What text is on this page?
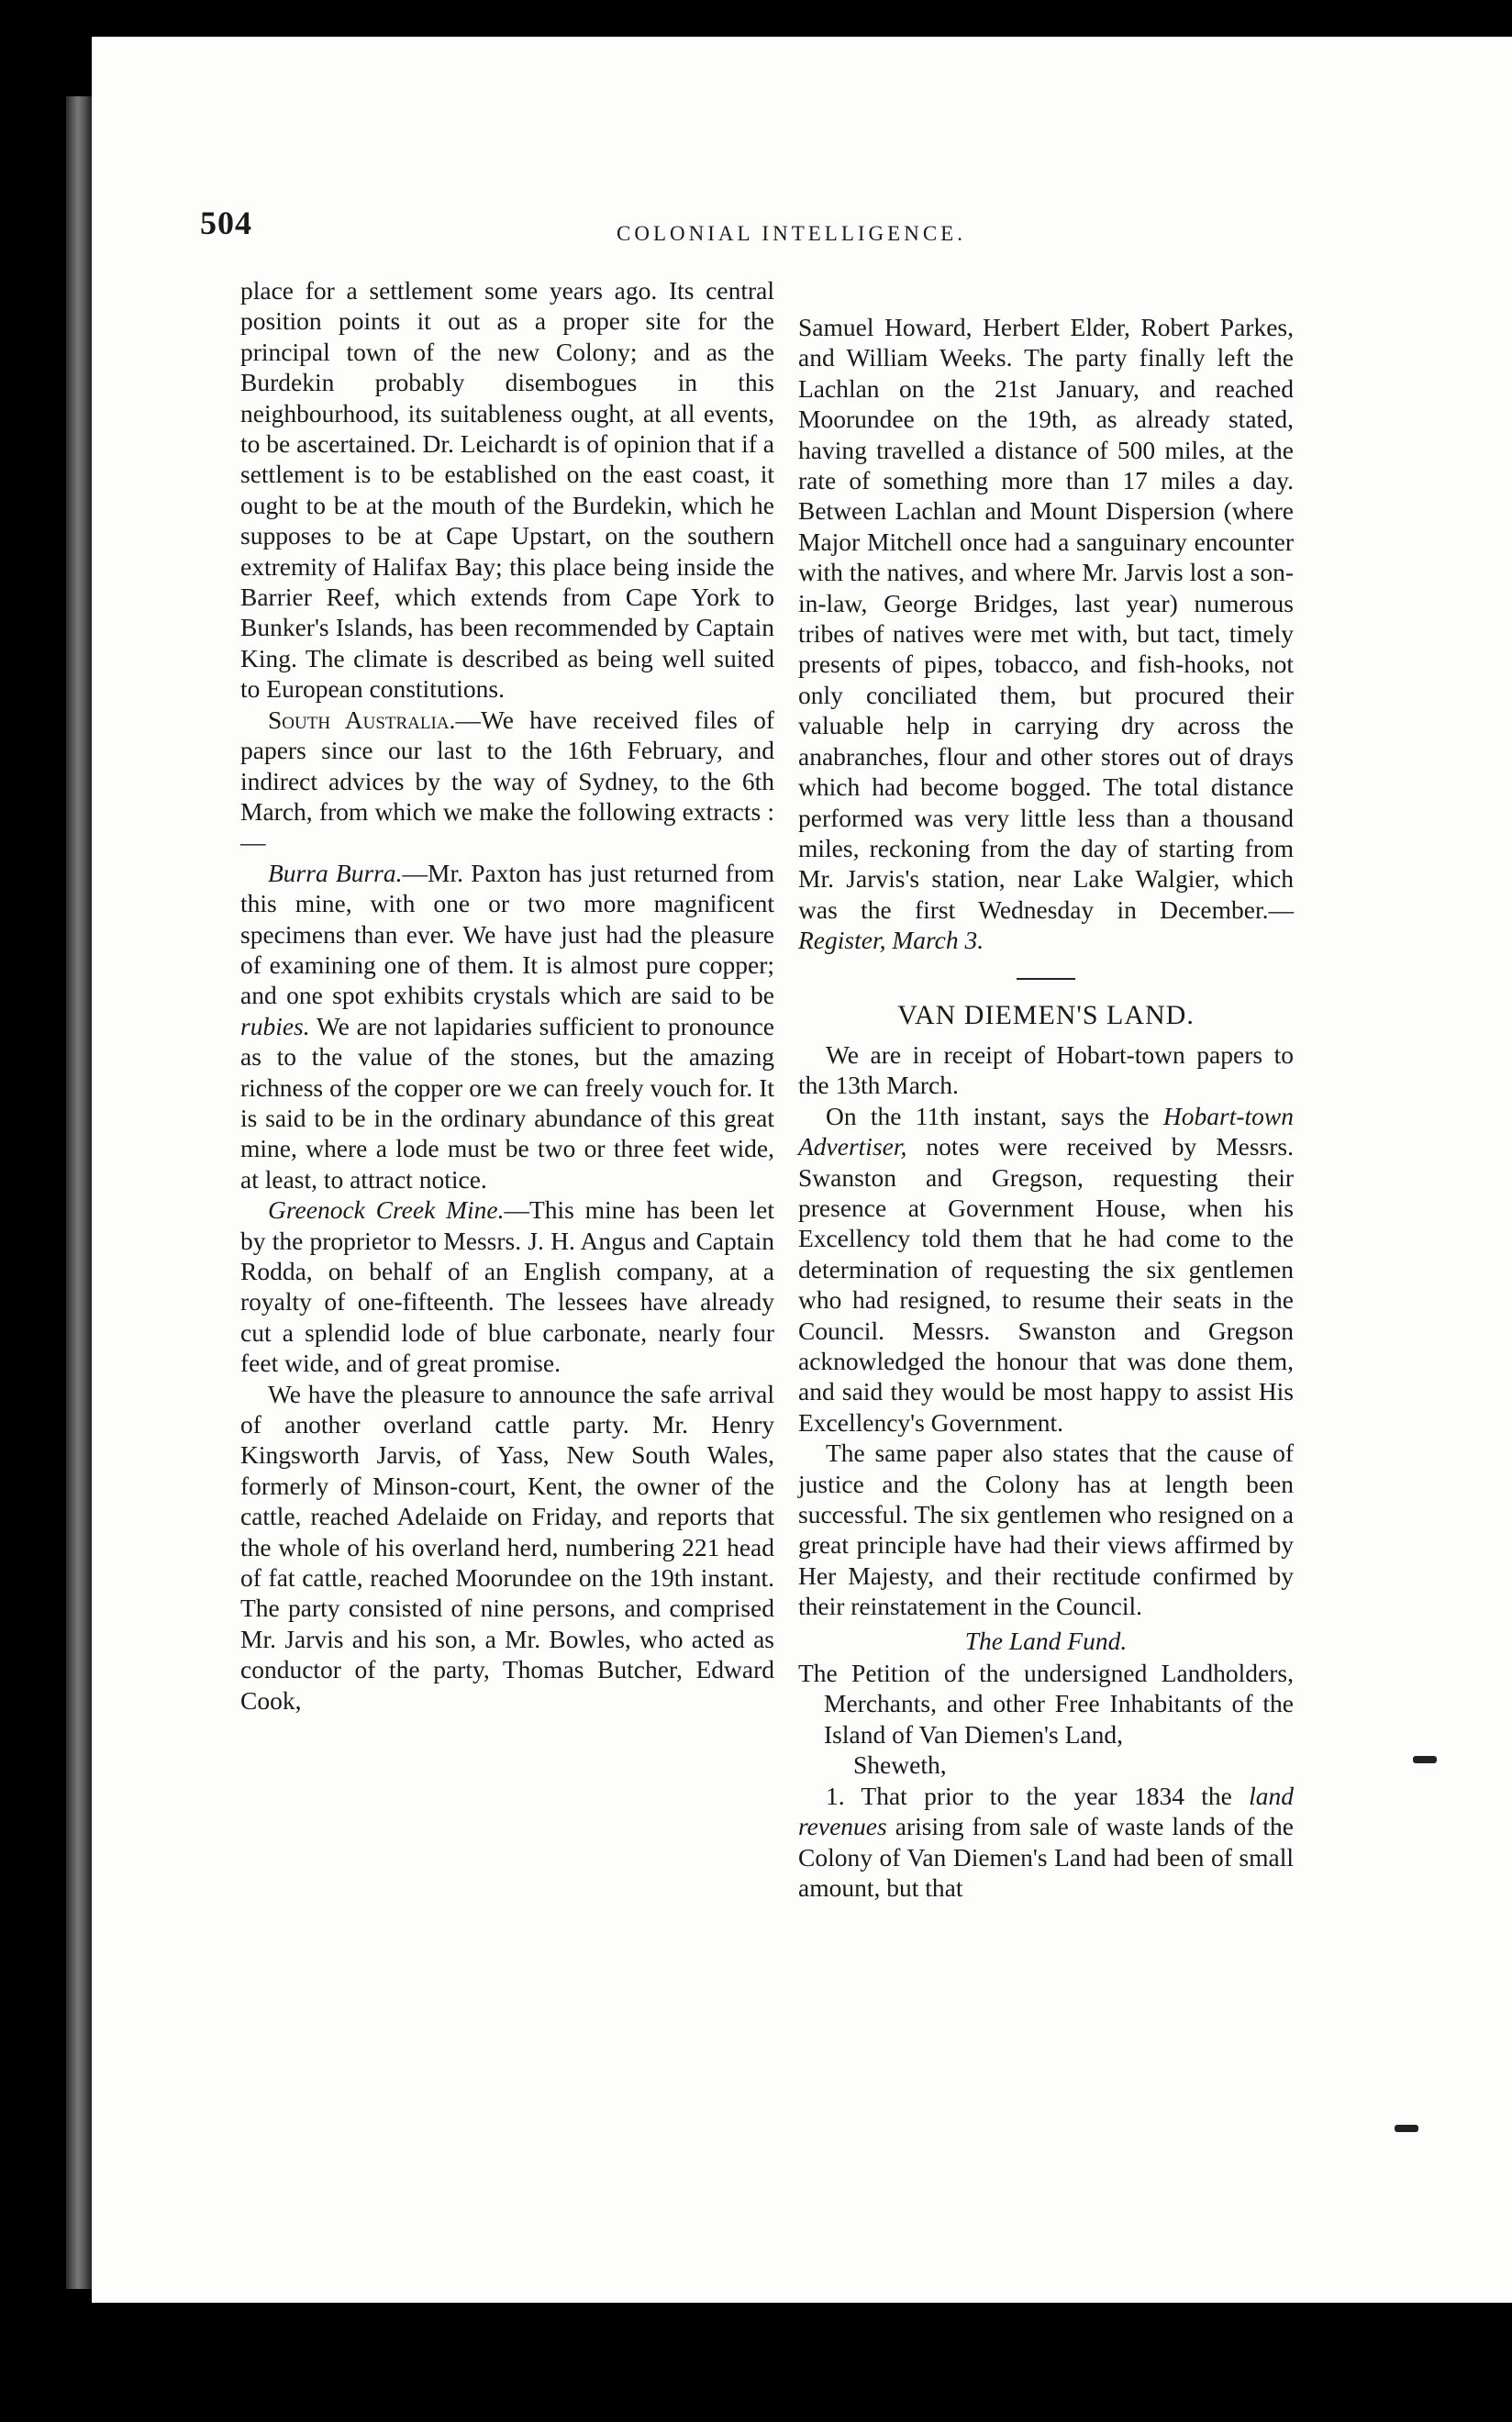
504	COLONIAL INTELLIGENCE.

place for a settlement some years ago. Its central position points it out as a proper site for the principal town of the new Colony; and as the Burdekin probably disembogues in this neighbourhood, its suitableness ought, at all events, to be ascertained. Dr. Leichardt is of opinion that if a settlement is to be established on the east coast, it ought to be at the mouth of the Burdekin, which he supposes to be at Cape Upstart, on the southern extremity of Halifax Bay; this place being inside the Barrier Reef, which extends from Cape York to Bunker's Islands, has been recommended by Captain King. The climate is described as being well suited to European constitutions.

South Australia.—We have received files of papers since our last to the 16th February, and indirect advices by the way of Sydney, to the 6th March, from which we make the following extracts :—

Burra Burra.—Mr. Paxton has just returned from this mine, with one or two more magnificent specimens than ever. We have just had the pleasure of examining one of them. It is almost pure copper; and one spot exhibits crystals which are said to be rubies. We are not lapidaries sufficient to pronounce as to the value of the stones, but the amazing richness of the copper ore we can freely vouch for. It is said to be in the ordinary abundance of this great mine, where a lode must be two or three feet wide, at least, to attract notice.

Greenock Creek Mine.—This mine has been let by the proprietor to Messrs. J. H. Angus and Captain Rodda, on behalf of an English company, at a royalty of one-fifteenth. The lessees have already cut a splendid lode of blue carbonate, nearly four feet wide, and of great promise.

We have the pleasure to announce the safe arrival of another overland cattle party. Mr. Henry Kingsworth Jarvis, of Yass, New South Wales, formerly of Minson-court, Kent, the owner of the cattle, reached Adelaide on Friday, and reports that the whole of his overland herd, numbering 221 head of fat cattle, reached Moorundee on the 19th instant. The party consisted of nine persons, and comprised Mr. Jarvis and his son, a Mr. Bowles, who acted as conductor of the party, Thomas Butcher, Edward Cook,

Samuel Howard, Herbert Elder, Robert Parkes, and William Weeks. The party finally left the Lachlan on the 21st January, and reached Moorundee on the 19th, as already stated, having travelled a distance of 500 miles, at the rate of something more than 17 miles a day. Between Lachlan and Mount Dispersion (where Major Mitchell once had a sanguinary encounter with the natives, and where Mr. Jarvis lost a son-in-law, George Bridges, last year) numerous tribes of natives were met with, but tact, timely presents of pipes, tobacco, and fish-hooks, not only conciliated them, but procured their valuable help in carrying dry across the anabranches, flour and other stores out of drays which had become bogged. The total distance performed was very little less than a thousand miles, reckoning from the day of starting from Mr. Jarvis's station, near Lake Walgier, which was the first Wednesday in December.—Register, March 3.

VAN DIEMEN'S LAND.

We are in receipt of Hobart-town papers to the 13th March.

On the 11th instant, says the Hobart-town Advertiser, notes were received by Messrs. Swanston and Gregson, requesting their presence at Government House, when his Excellency told them that he had come to the determination of requesting the six gentlemen who had resigned, to resume their seats in the Council. Messrs. Swanston and Gregson acknowledged the honour that was done them, and said they would be most happy to assist His Excellency's Government.

The same paper also states that the cause of justice and the Colony has at length been successful. The six gentlemen who resigned on a great principle have had their views affirmed by Her Majesty, and their rectitude confirmed by their reinstatement in the Council.

The Land Fund.

The Petition of the undersigned Landholders, Merchants, and other Free Inhabitants of the Island of Van Diemen's Land,

Sheweth,

1. That prior to the year 1834 the land revenues arising from sale of waste lands of the Colony of Van Diemen's Land had been of small amount, but that
